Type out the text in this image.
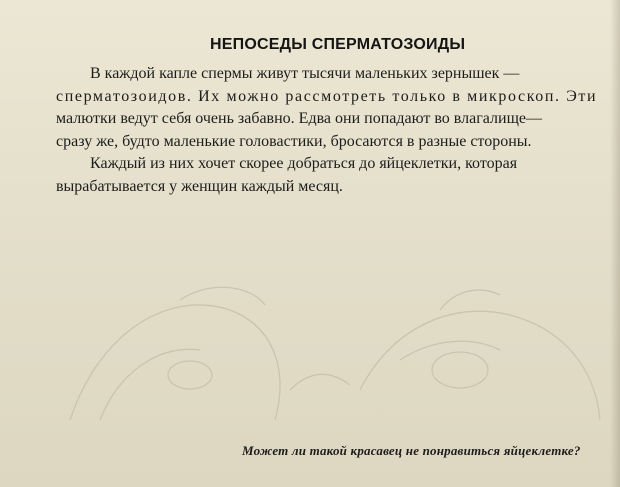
НЕПОСЕДЫ СПЕРМАТОЗОИДЫ
В каждой капле спермы живут тысячи маленьких зернышек —
сперматозоидов. Их можно рассмотреть только в микроскоп. Эти
малютки ведут себя очень забавно. Едва они попадают во влагалище—
сразу же, будто маленькие головастики, бросаются в разные стороны.
Каждый из них хочет скорее добраться до яйцеклетки, которая
вырабатывается у женщин каждый месяц.
Может ли такой красавец не понравиться яйцеклетке?
